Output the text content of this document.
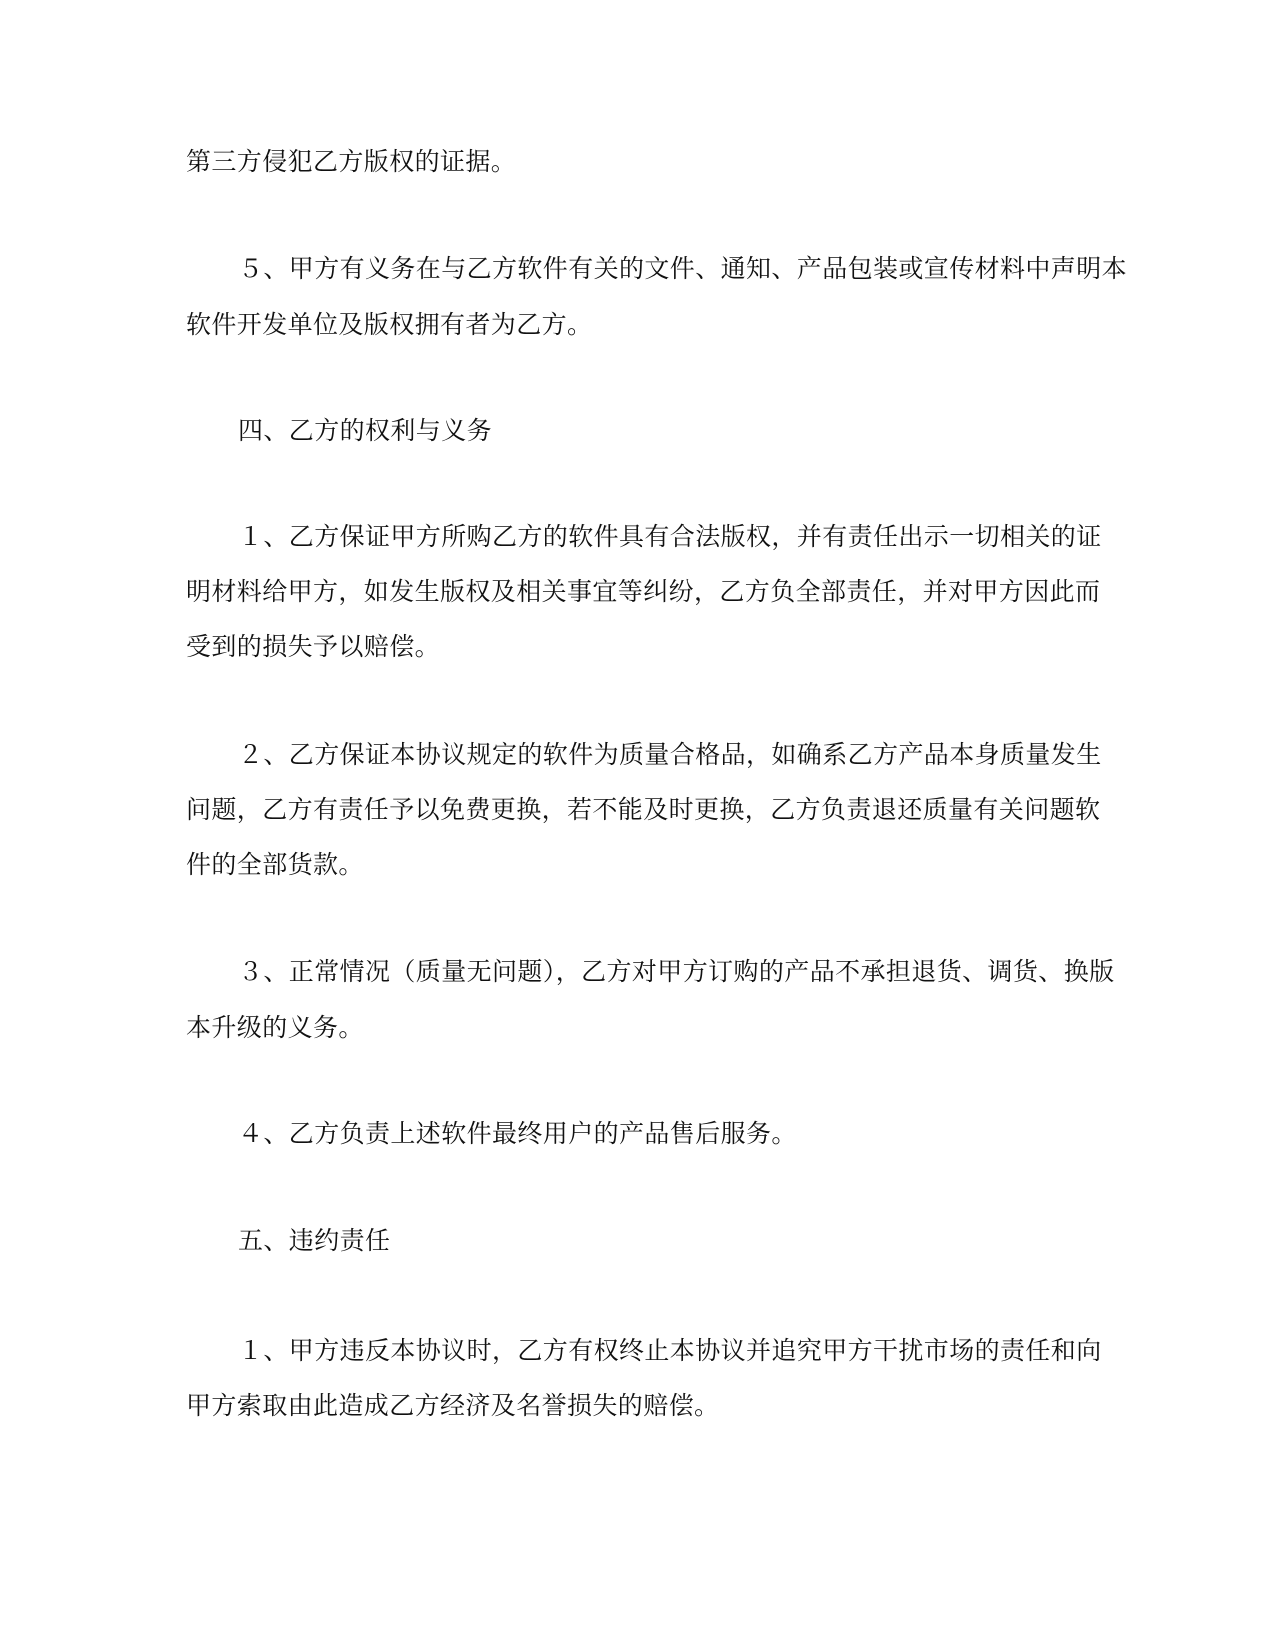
第三方侵犯乙方版权的证据。
５、甲方有义务在与乙方软件有关的文件、通知、产品包装或宣传材料中声明本
软件开发单位及版权拥有者为乙方。
四、乙方的权利与义务
１、乙方保证甲方所购乙方的软件具有合法版权，并有责任出示一切相关的证
明材料给甲方，如发生版权及相关事宜等纠纷，乙方负全部责任，并对甲方因此而
受到的损失予以赔偿。
２、乙方保证本协议规定的软件为质量合格品，如确系乙方产品本身质量发生
问题，乙方有责任予以免费更换，若不能及时更换，乙方负责退还质量有关问题软
件的全部货款。
３、正常情况（质量无问题），乙方对甲方订购的产品不承担退货、调货、换版
本升级的义务。
４、乙方负责上述软件最终用户的产品售后服务。
五、违约责任
１、甲方违反本协议时，乙方有权终止本协议并追究甲方干扰市场的责任和向
甲方索取由此造成乙方经济及名誉损失的赔偿。
